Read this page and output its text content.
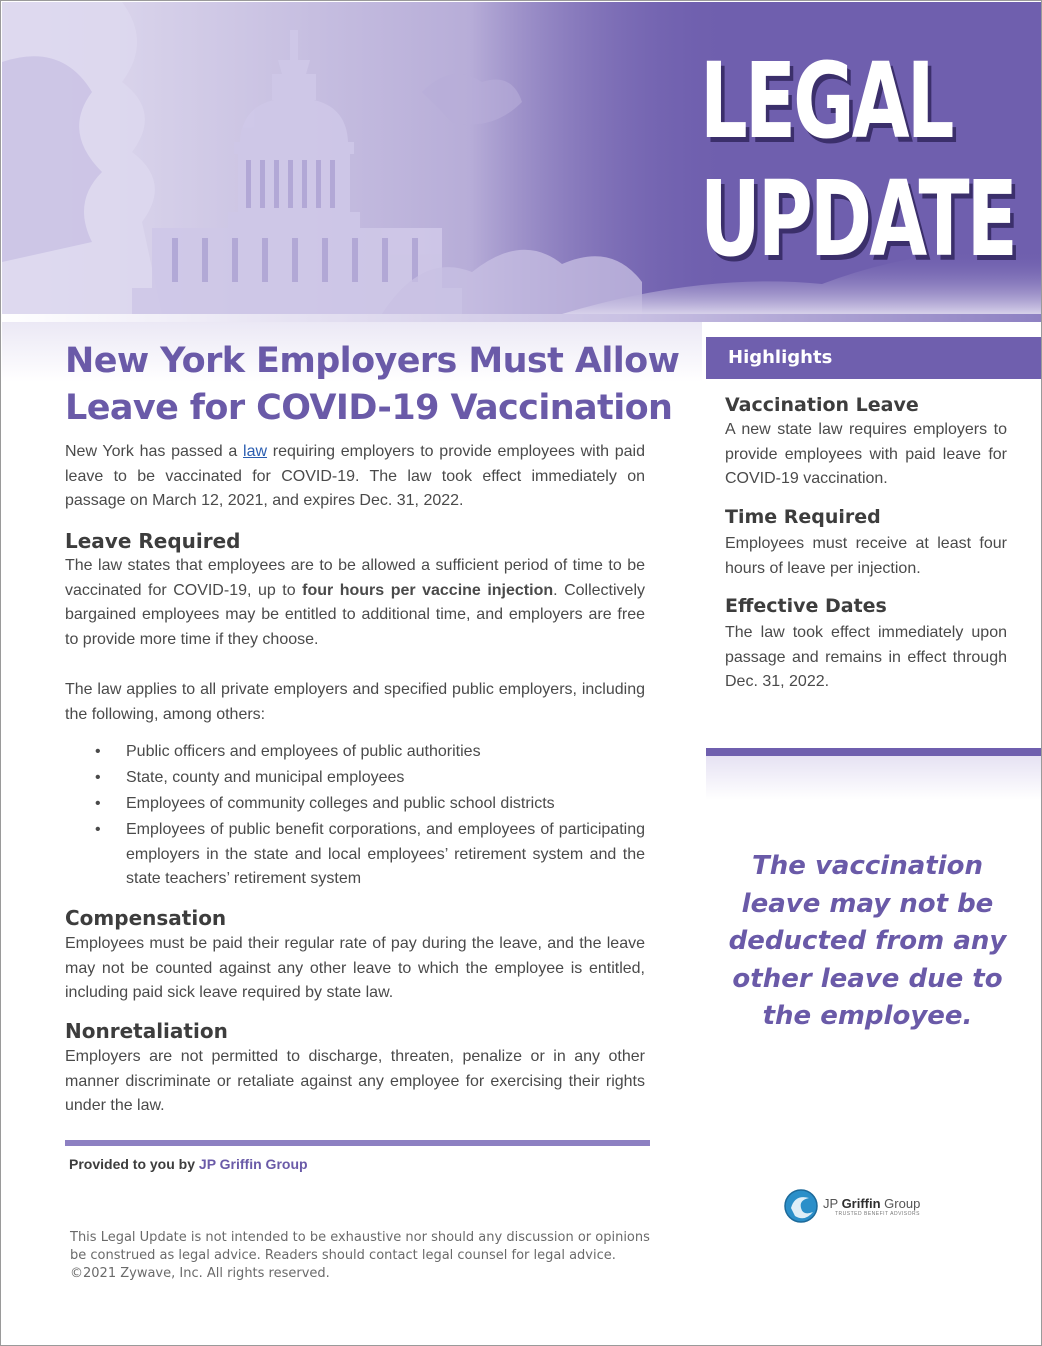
LEGAL
UPDATE
New York Employers Must Allow Leave for COVID-19 Vaccination
New York has passed a law requiring employers to provide employees with paid leave to be vaccinated for COVID-19. The law took effect immediately on passage on March 12, 2021, and expires Dec. 31, 2022.
Leave Required
The law states that employees are to be allowed a sufficient period of time to be vaccinated for COVID-19, up to four hours per vaccine injection. Collectively bargained employees may be entitled to additional time, and employers are free to provide more time if they choose.
The law applies to all private employers and specified public employers, including the following, among others:
• Public officers and employees of public authorities
• State, county and municipal employees
• Employees of community colleges and public school districts
• Employees of public benefit corporations, and employees of participating employers in the state and local employees’ retirement system and the state teachers’ retirement system
Compensation
Employees must be paid their regular rate of pay during the leave, and the leave may not be counted against any other leave to which the employee is entitled, including paid sick leave required by state law.
Nonretaliation
Employers are not permitted to discharge, threaten, penalize or in any other manner discriminate or retaliate against any employee for exercising their rights under the law.
Provided to you by JP Griffin Group
This Legal Update is not intended to be exhaustive nor should any discussion or opinions be construed as legal advice. Readers should contact legal counsel for legal advice. ©2021 Zywave, Inc. All rights reserved.
Highlights
Vaccination Leave
A new state law requires employers to provide employees with paid leave for COVID-19 vaccination.
Time Required
Employees must receive at least four hours of leave per injection.
Effective Dates
The law took effect immediately upon passage and remains in effect through Dec. 31, 2022.
The vaccination leave may not be deducted from any other leave due to the employee.
JP Griffin Group
TRUSTED BENEFIT ADVISORS
